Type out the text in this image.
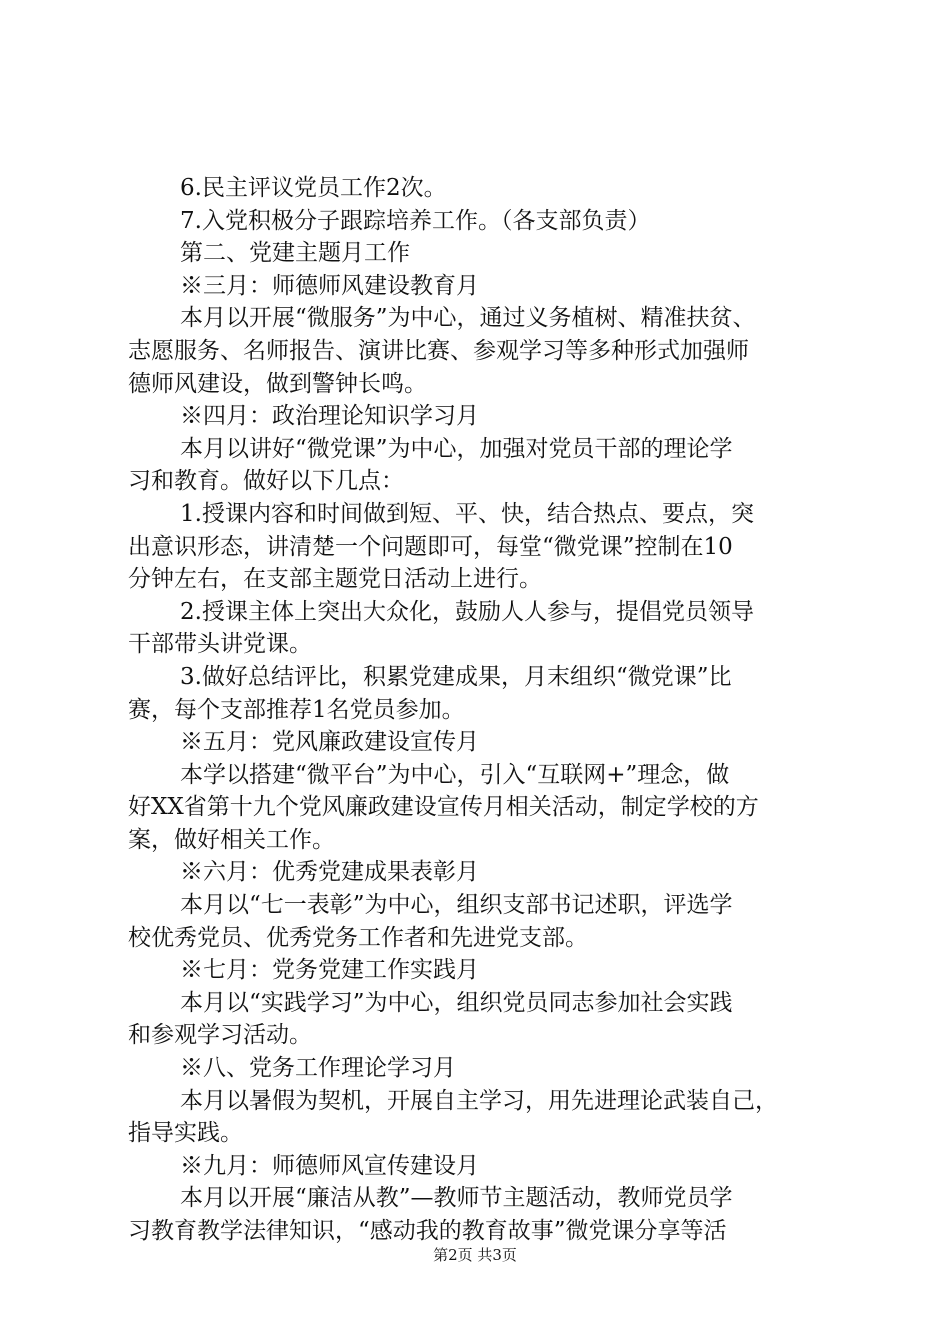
6.民主评议党员工作2次。
7.入党积极分子跟踪培养工作。（各支部负责）
第二、党建主题月工作
※三月：师德师风建设教育月
本月以开展“微服务”为中心，通过义务植树、精准扶贫、
志愿服务、名师报告、演讲比赛、参观学习等多种形式加强师
德师风建设，做到警钟长鸣。
※四月：政治理论知识学习月
本月以讲好“微党课”为中心，加强对党员干部的理论学
习和教育。做好以下几点：
1.授课内容和时间做到短、平、快，结合热点、要点，突
出意识形态，讲清楚一个问题即可，每堂“微党课”控制在10
分钟左右，在支部主题党日活动上进行。
2.授课主体上突出大众化，鼓励人人参与，提倡党员领导
干部带头讲党课。
3.做好总结评比，积累党建成果，月末组织“微党课”比
赛，每个支部推荐1名党员参加。
※五月：党风廉政建设宣传月
本学以搭建“微平台”为中心，引入“互联网+”理念，做
好XX省第十九个党风廉政建设宣传月相关活动，制定学校的方
案，做好相关工作。
※六月：优秀党建成果表彰月
本月以“七一表彰”为中心，组织支部书记述职，评选学
校优秀党员、优秀党务工作者和先进党支部。
※七月：党务党建工作实践月
本月以“实践学习”为中心，组织党员同志参加社会实践
和参观学习活动。
※八、党务工作理论学习月
本月以暑假为契机，开展自主学习，用先进理论武装自己，
指导实践。
※九月：师德师风宣传建设月
本月以开展“廉洁从教”—教师节主题活动，教师党员学
习教育教学法律知识，“感动我的教育故事”微党课分享等活
第2页 共3页
